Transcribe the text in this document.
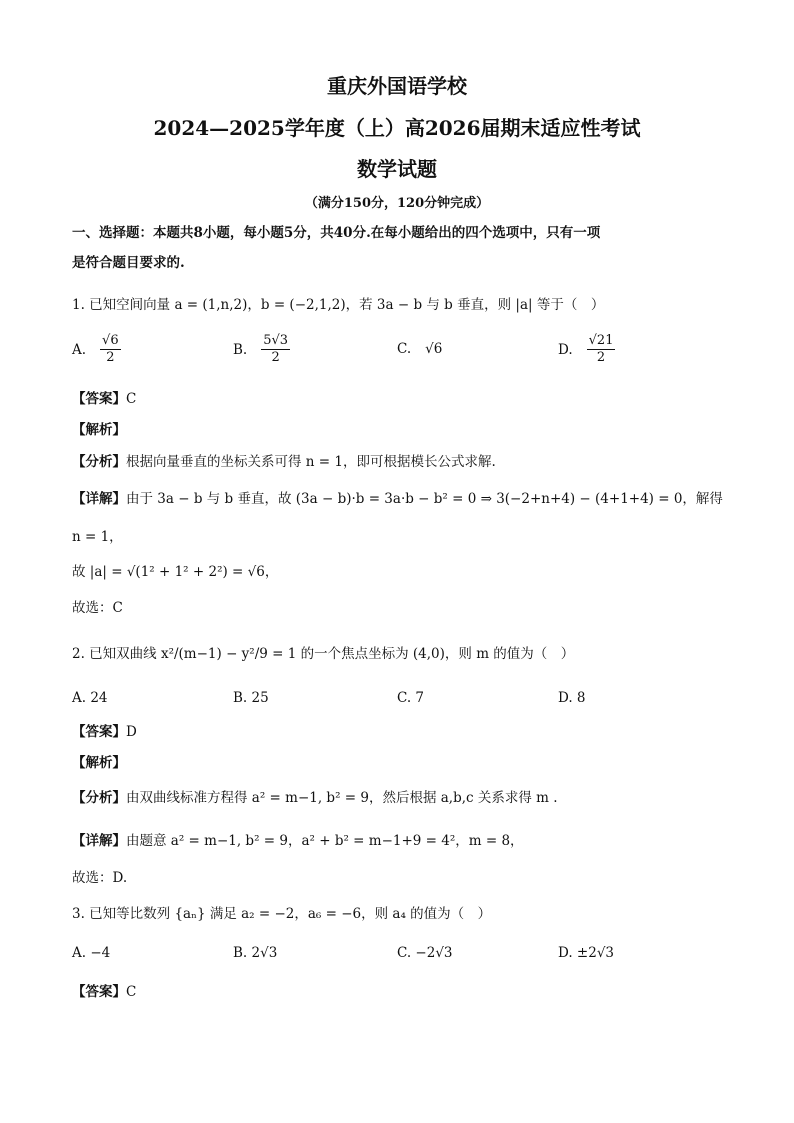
重庆外国语学校
2024—2025学年度（上）高2026届期末适应性考试
数学试题
（满分150分，120分钟完成）
一、选择题：本题共8小题，每小题5分，共40分.在每小题给出的四个选项中，只有一项
是符合题目要求的.
1. 已知空间向量 a = (1,n,2)，b = (−2,1,2)，若 3a − b 与 b 垂直，则 |a| 等于（　）
A. $\frac{√6}{2}$	B. $\frac{5√3}{2}$	C. √6	D. $\frac{√21}{2}$
【答案】C
【解析】
【分析】根据向量垂直的坐标关系可得 n = 1，即可根据模长公式求解.
【详解】由于 3a − b 与 b 垂直，故 (3a − b)·b = 3a·b − b² = 0 ⇒ 3(−2+n+4) − (4+1+4) = 0，解得
n = 1，
故 |a| = √(1² + 1² + 2²) = √6，
故选：C
2. 已知双曲线 x²/(m−1) − y²/9 = 1 的一个焦点坐标为 (4,0)，则 m 的值为（　）
A. 24	B. 25	C. 7	D. 8
【答案】D
【解析】
【分析】由双曲线标准方程得 a² = m−1, b² = 9，然后根据 a,b,c 关系求得 m .
【详解】由题意 a² = m−1, b² = 9，a² + b² = m−1+9 = 4²，m = 8，
故选：D.
3. 已知等比数列 {aₙ} 满足 a₂ = −2，a₆ = −6，则 a₄ 的值为（　）
A. −4	B. 2√3	C. −2√3	D. ±2√3
【答案】C
